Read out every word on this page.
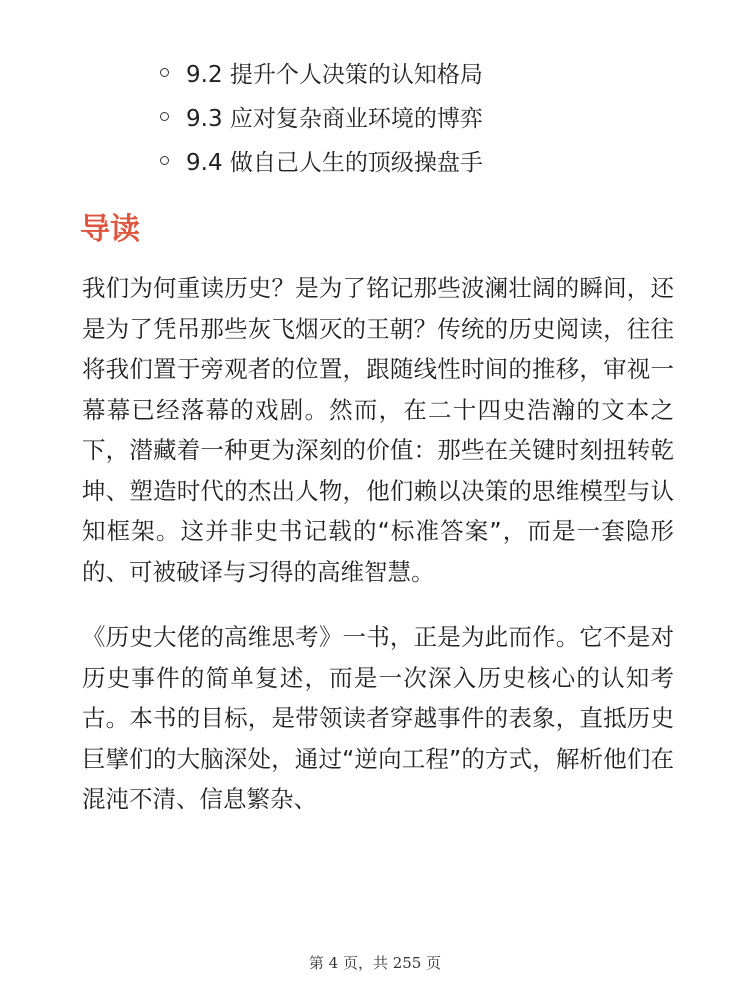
9.2 提升个人决策的认知格局
9.3 应对复杂商业环境的博弈
9.4 做自己人生的顶级操盘手
导读

我们为何重读历史？是为了铭记那些波澜壮阔的瞬间，还是为了凭吊那些灰飞烟灭的王朝？传统的历史阅读，往往将我们置于旁观者的位置，跟随线性时间的推移，审视一幕幕已经落幕的戏剧。然而，在二十四史浩瀚的文本之下，潜藏着一种更为深刻的价值：那些在关键时刻扭转乾坤、塑造时代的杰出人物，他们赖以决策的思维模型与认知框架。这并非史书记载的“标准答案”，而是一套隐形的、可被破译与习得的高维智慧。

《历史大佬的高维思考》一书，正是为此而作。它不是对历史事件的简单复述，而是一次深入历史核心的认知考古。本书的目标，是带领读者穿越事件的表象，直抵历史巨擘们的大脑深处，通过“逆向工程”的方式，解析他们在混沌不清、信息繁杂、

第 4 页，共 255 页
